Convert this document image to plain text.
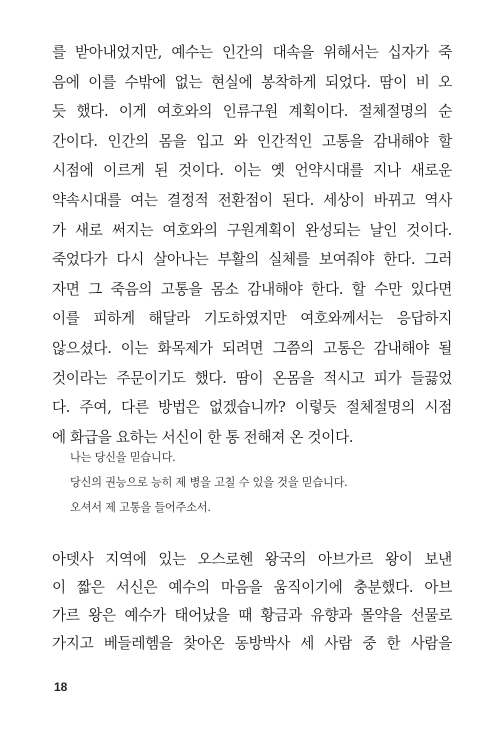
를 받아내었지만, 예수는 인간의 대속을 위해서는 십자가 죽
음에 이를 수밖에 없는 현실에 봉착하게 되었다. 땀이 비 오
듯 했다. 이게 여호와의 인류구원 계획이다. 절체절명의 순
간이다. 인간의 몸을 입고 와 인간적인 고통을 감내해야 할
시점에 이르게 된 것이다. 이는 옛 언약시대를 지나 새로운
약속시대를 여는 결정적 전환점이 된다. 세상이 바뀌고 역사
가 새로 써지는 여호와의 구원계획이 완성되는 날인 것이다.
죽었다가 다시 살아나는 부활의 실체를 보여줘야 한다. 그러
자면 그 죽음의 고통을 몸소 감내해야 한다. 할 수만 있다면
이를 피하게 해달라 기도하였지만 여호와께서는 응답하지
않으셨다. 이는 화목제가 되려면 그쯤의 고통은 감내해야 될
것이라는 주문이기도 했다. 땀이 온몸을 적시고 피가 들끓었
다. 주여, 다른 방법은 없겠습니까? 이렇듯 절체절명의 시점
에 화급을 요하는 서신이 한 통 전해져 온 것이다.

나는 당신을 믿습니다.
당신의 권능으로 능히 제 병을 고칠 수 있을 것을 믿습니다.
오셔서 제 고통을 들어주소서.

아뎃사 지역에 있는 오스로헨 왕국의 아브가르 왕이 보낸
이 짧은 서신은 예수의 마음을 움직이기에 충분했다. 아브
가르 왕은 예수가 태어났을 때 황금과 유향과 몰약을 선물로
가지고 베들레헴을 찾아온 동방박사 세 사람 중 한 사람을

18
